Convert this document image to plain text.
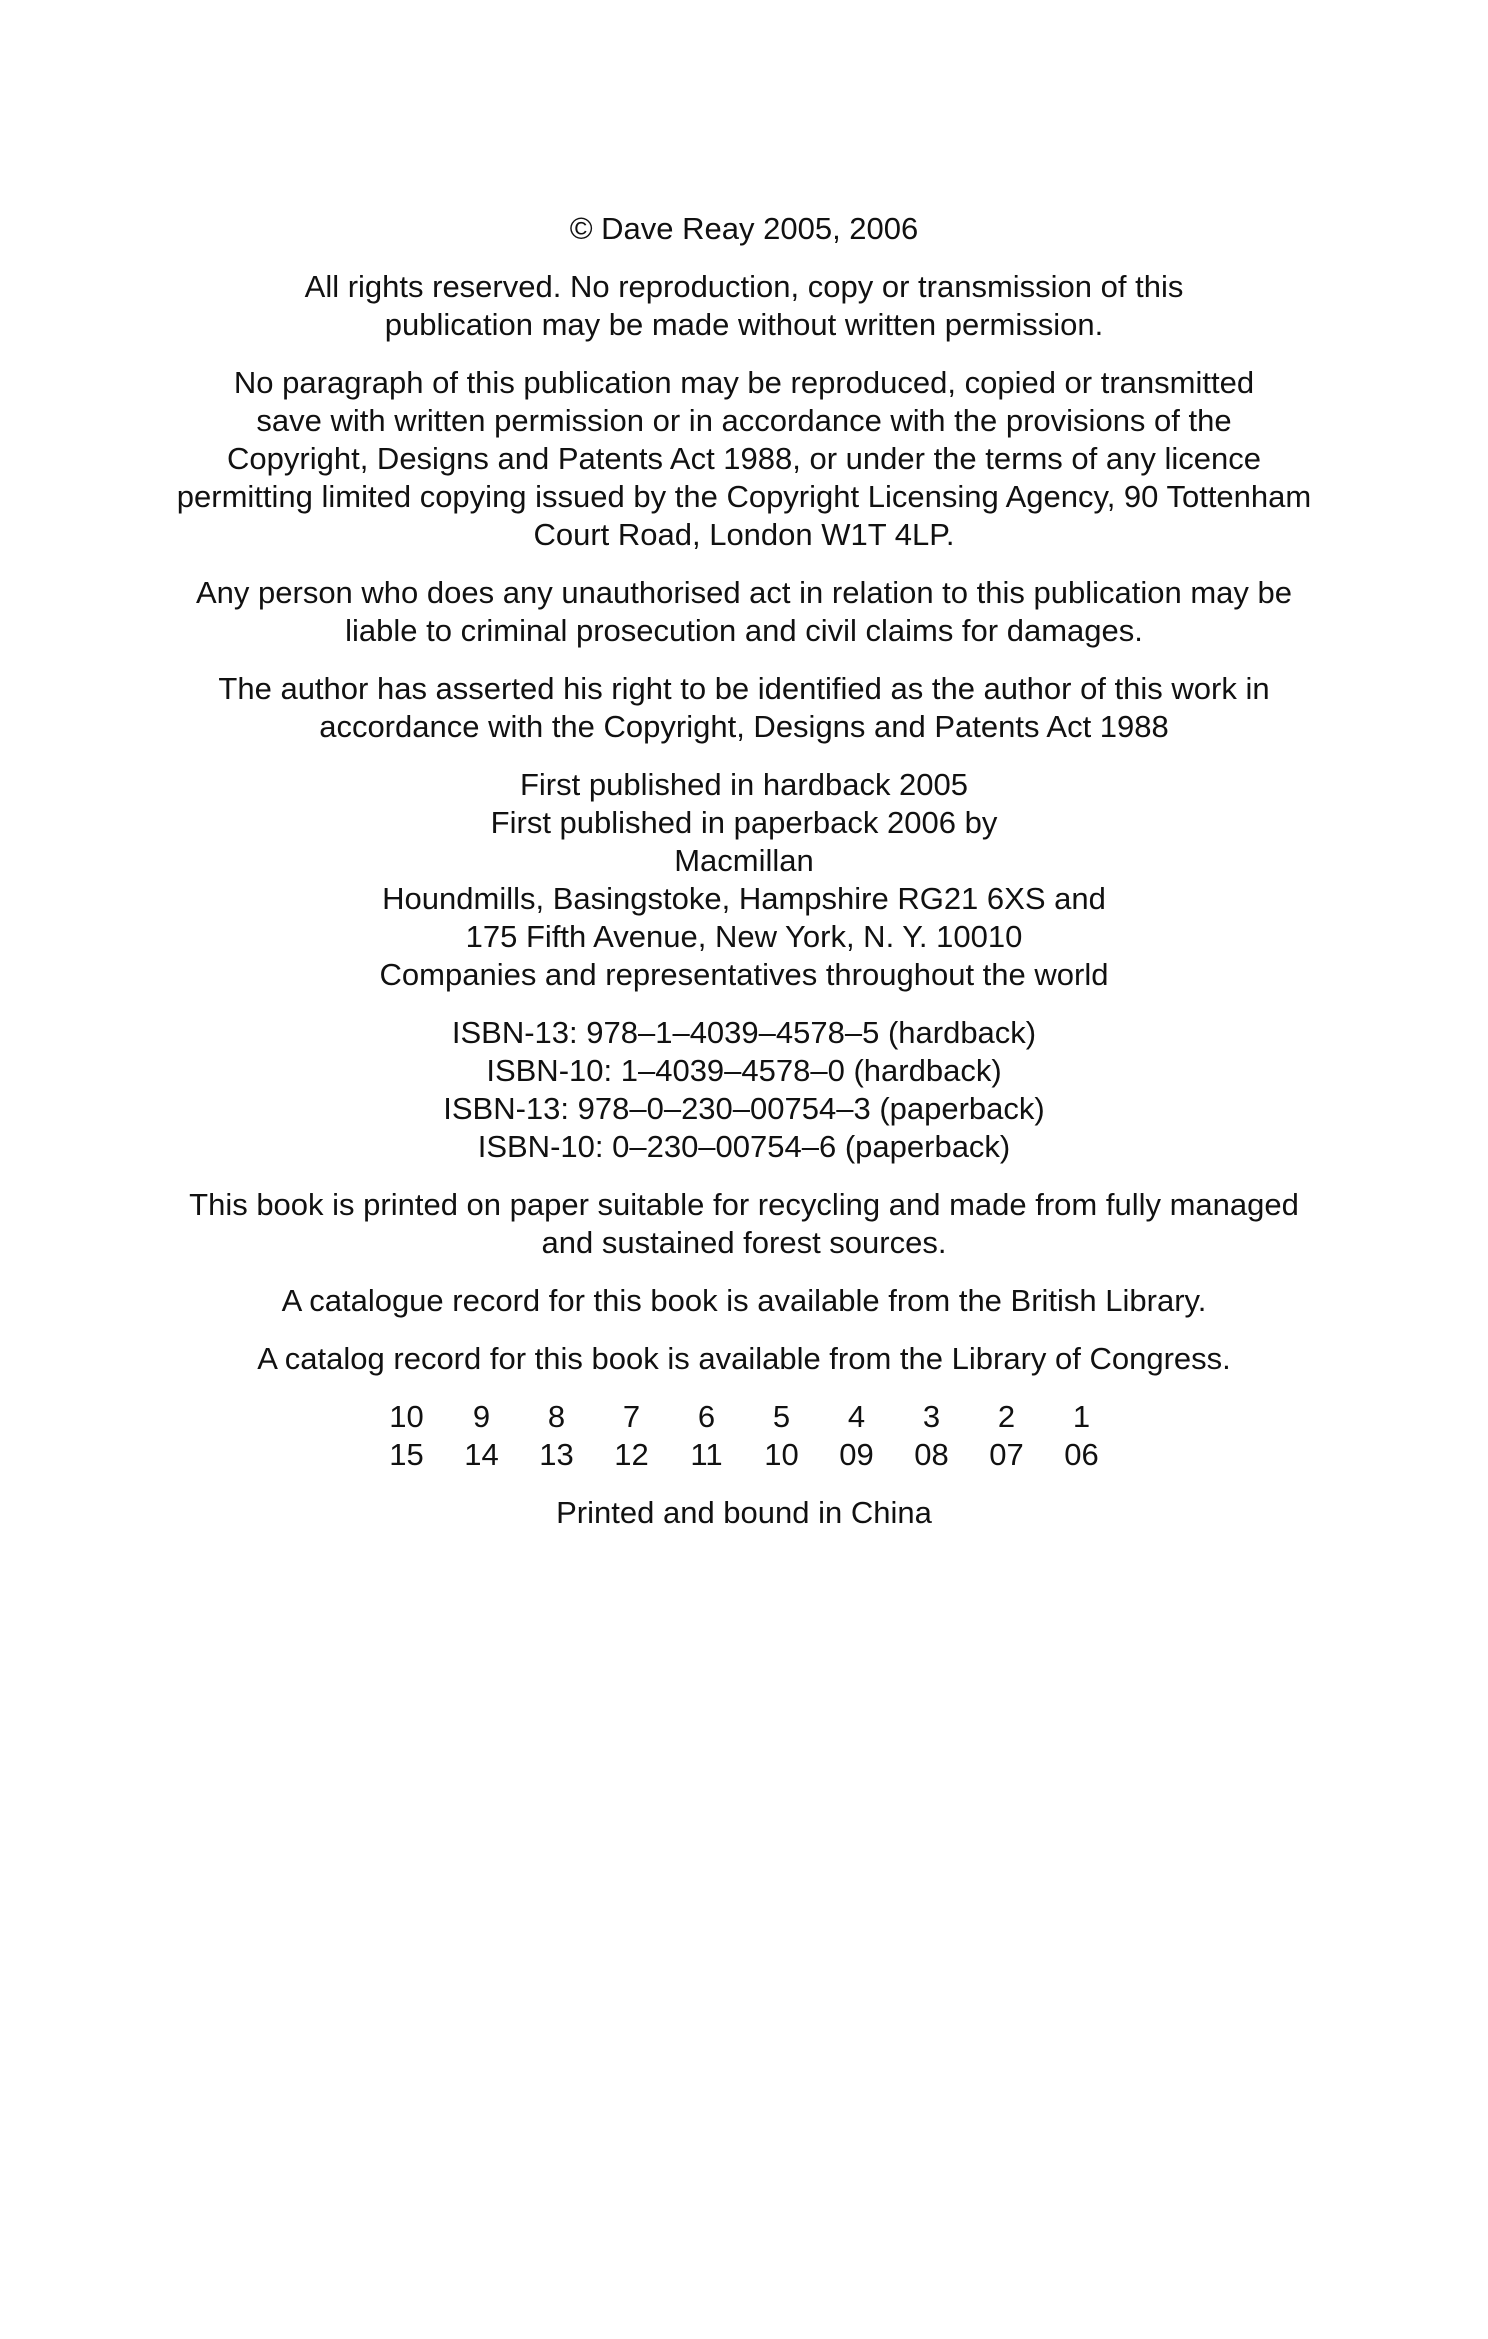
© Dave Reay 2005, 2006
All rights reserved. No reproduction, copy or transmission of this
publication may be made without written permission.
No paragraph of this publication may be reproduced, copied or transmitted
save with written permission or in accordance with the provisions of the
Copyright, Designs and Patents Act 1988, or under the terms of any licence
permitting limited copying issued by the Copyright Licensing Agency, 90 Tottenham
Court Road, London W1T 4LP.
Any person who does any unauthorised act in relation to this publication may be
liable to criminal prosecution and civil claims for damages.
The author has asserted his right to be identified as the author of this work in
accordance with the Copyright, Designs and Patents Act 1988
First published in hardback 2005
First published in paperback 2006 by
Macmillan
Houndmills, Basingstoke, Hampshire RG21 6XS and
175 Fifth Avenue, New York, N. Y. 10010
Companies and representatives throughout the world
ISBN-13: 978–1–4039–4578–5 (hardback)
ISBN-10: 1–4039–4578–0 (hardback)
ISBN-13: 978–0–230–00754–3 (paperback)
ISBN-10: 0–230–00754–6 (paperback)
This book is printed on paper suitable for recycling and made from fully managed
and sustained forest sources.
A catalogue record for this book is available from the British Library.
A catalog record for this book is available from the Library of Congress.
10	9	8	7	6	5	4	3	2	1
15	14	13	12	11	10	09	08	07	06
Printed and bound in China
